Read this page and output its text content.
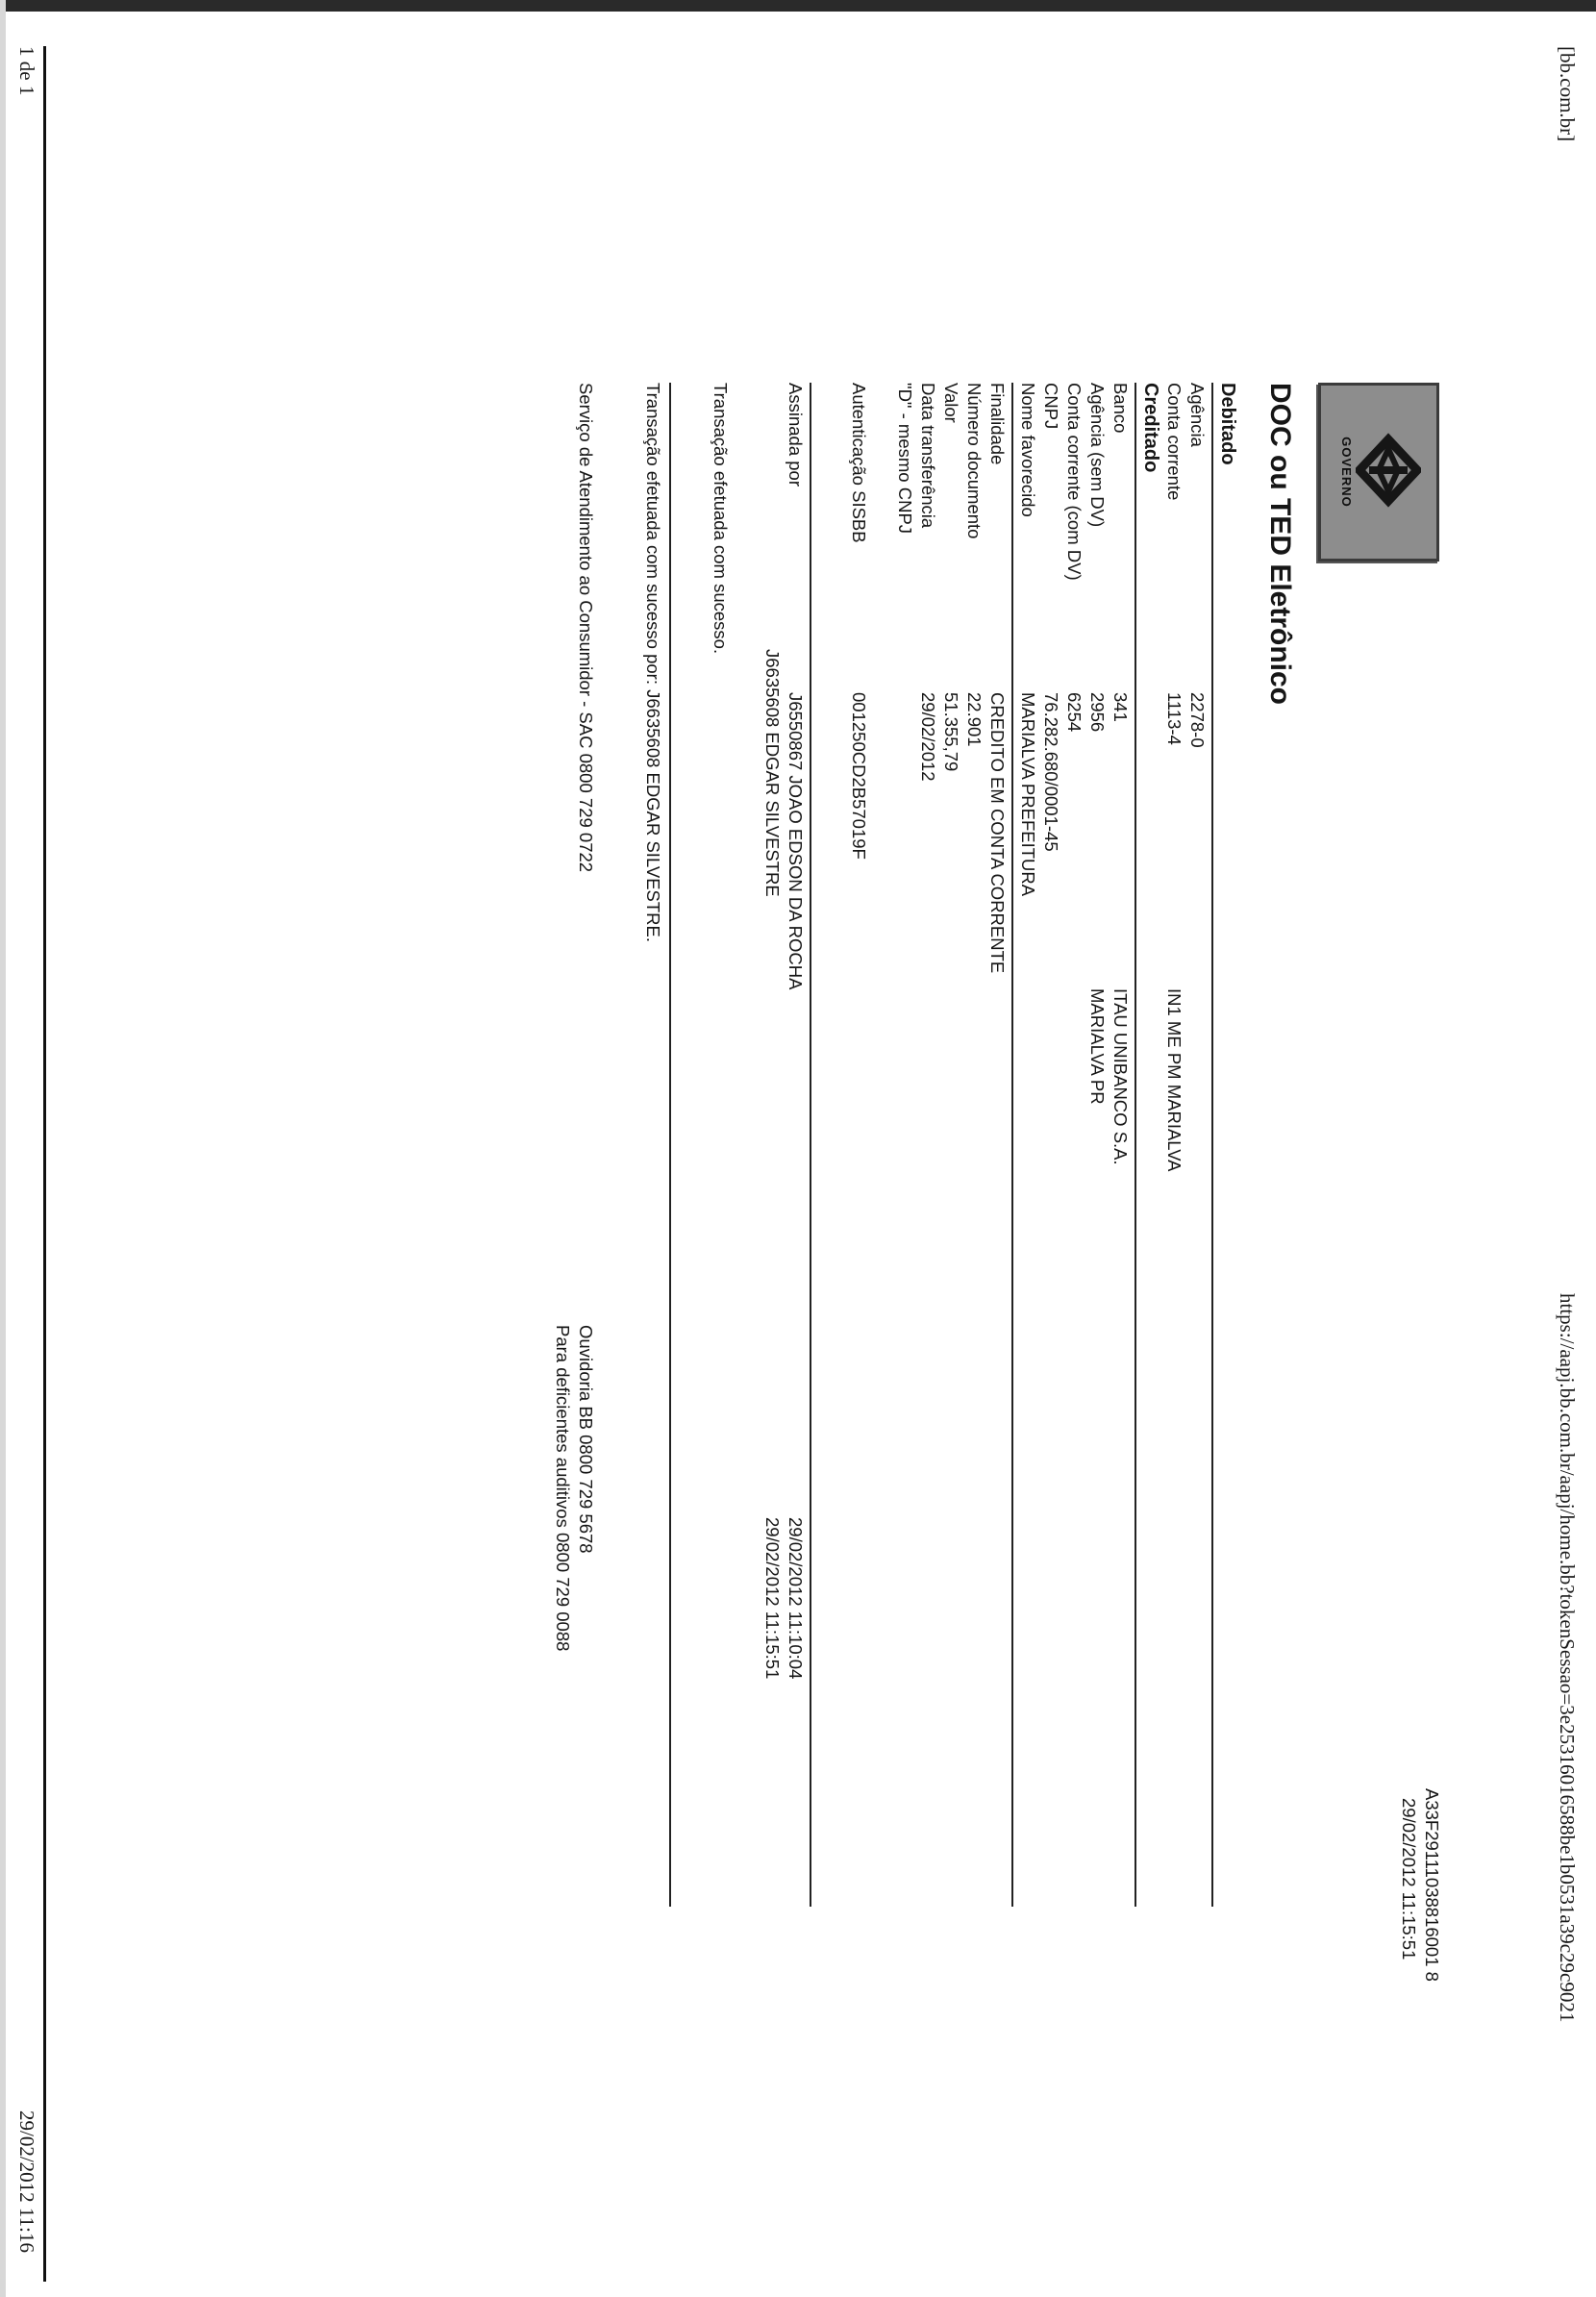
[bb.com.br]
https://aapj.bb.com.br/aapj/home.bb?tokenSessao=3e25316016588be1b0531a39c29c9021
A33F29111038816001 8
29/02/2012 11:15:51
GOVERNO
DOC ou TED Eletrônico
Debitado
Agência
2278-0
Conta corrente
1113-4
IN1 ME PM MARIALVA
Creditado
Banco
341
ITAU UNIBANCO S.A.
Agência (sem DV)
2956
MARIALVA PR
Conta corrente (com DV)
6254
CNPJ
76.282.680/0001-45
Nome favorecido
MARIALVA PREFEITURA
Finalidade
CREDITO EM CONTA CORRENTE
Número documento
22.901
Valor
51.355,79
Data transferência
29/02/2012
"D" - mesmo CNPJ
Autenticação SISBB
001250CD2B57019F
Assinada por
J6550867 JOAO EDSON DA ROCHA
29/02/2012 11:10:04
J6635608 EDGAR SILVESTRE
29/02/2012 11:15:51
Transação efetuada com sucesso.
Transação efetuada com sucesso por: J6635608 EDGAR SILVESTRE.
Serviço de Atendimento ao Consumidor - SAC 0800 729 0722
Ouvidoria BB 0800 729 5678
Para deficientes auditivos 0800 729 0088
1 de 1
29/02/2012 11:16
